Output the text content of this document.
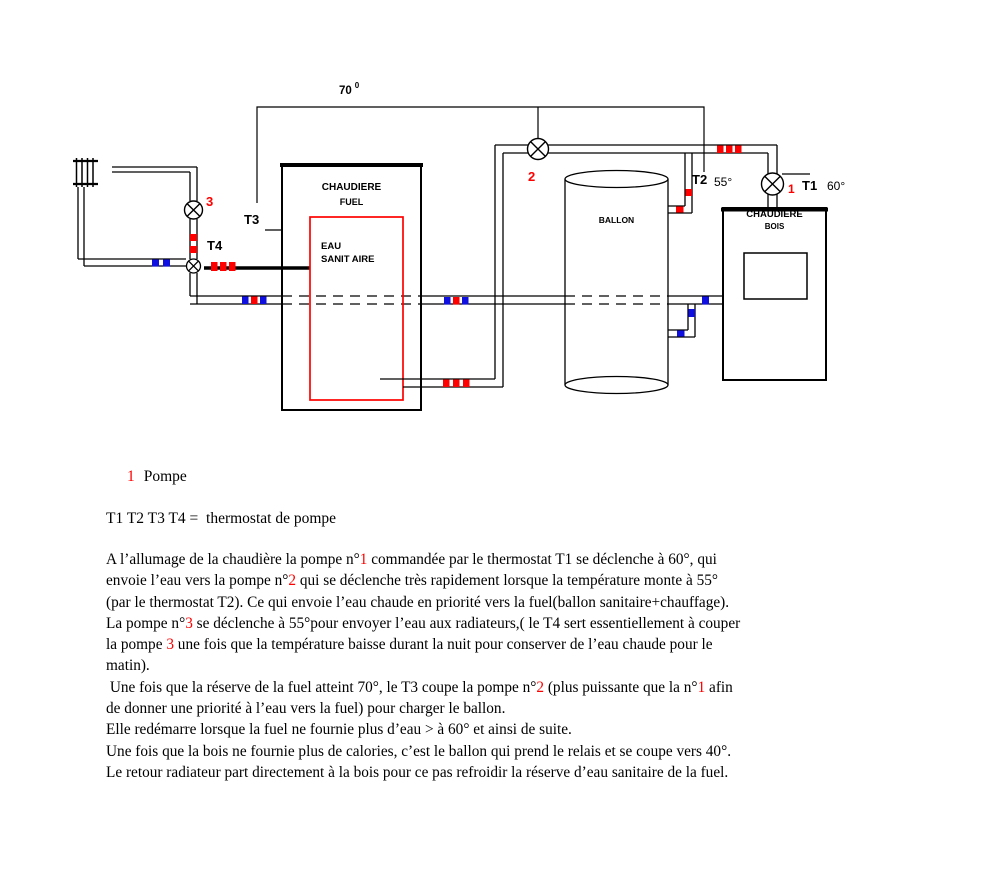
70 $^0$
3
T3
T4
CHAUDIERE
FUEL
EAU
SANIT AIRE
2
BALLON
T2 55°	1 T1 60°
CHAUDIERE
BOIS
1 Pompe
T1 T2 T3 T4 =  thermostat de pompe
A l’allumage de la chaudière la pompe n°1 commandée par le thermostat T1 se déclenche à 60°, qui
envoie l’eau vers la pompe n°2 qui se déclenche très rapidement lorsque la température monte à 55°
(par le thermostat T2). Ce qui envoie l’eau chaude en priorité vers la fuel(ballon sanitaire+chauffage).
La pompe n°3 se déclenche à 55°pour envoyer l’eau aux radiateurs,( le T4 sert essentiellement à couper
la pompe 3 une fois que la température baisse durant la nuit pour conserver de l’eau chaude pour le
matin).
Une fois que la réserve de la fuel atteint 70°, le T3 coupe la pompe n°2 (plus puissante que la n°1 afin
de donner une priorité à l’eau vers la fuel) pour charger le ballon.
Elle redémarre lorsque la fuel ne fournie plus d’eau > à 60° et ainsi de suite.
Une fois que la bois ne fournie plus de calories, c’est le ballon qui prend le relais et se coupe vers 40°.
Le retour radiateur part directement à la bois pour ce pas refroidir la réserve d’eau sanitaire de la fuel.
